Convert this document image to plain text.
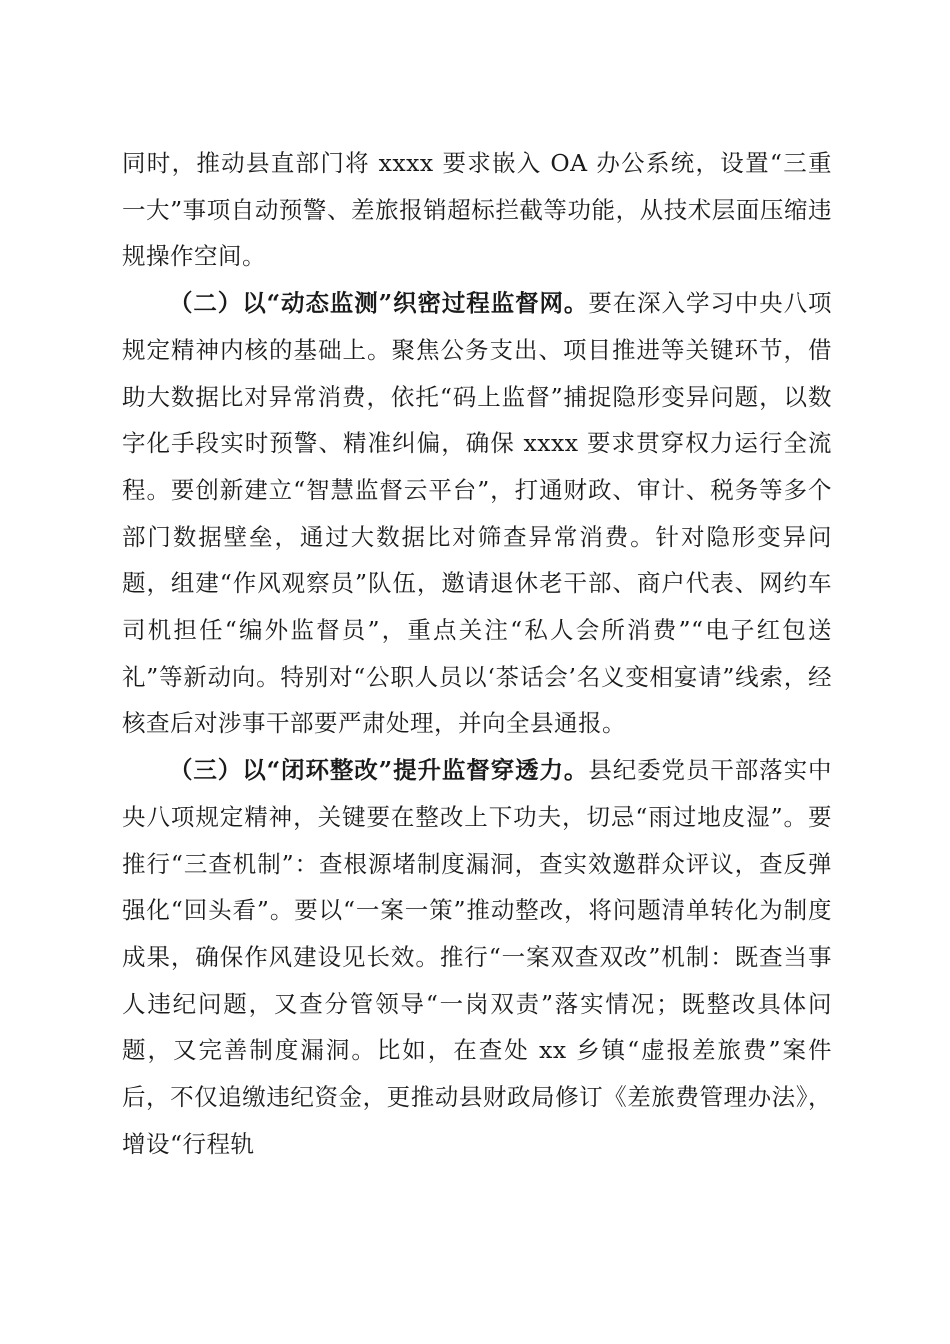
同时，推动县直部门将 xxxx 要求嵌入 OA 办公系统，设置“三重一大”事项自动预警、差旅报销超标拦截等功能，从技术层面压缩违规操作空间。

（二）以“动态监测”织密过程监督网。要在深入学习中央八项规定精神内核的基础上。聚焦公务支出、项目推进等关键环节，借助大数据比对异常消费，依托“码上监督”捕捉隐形变异问题，以数字化手段实时预警、精准纠偏，确保 xxxx 要求贯穿权力运行全流程。要创新建立“智慧监督云平台”，打通财政、审计、税务等多个部门数据壁垒，通过大数据比对筛查异常消费。针对隐形变异问题，组建“作风观察员”队伍，邀请退休老干部、商户代表、网约车司机担任“编外监督员”，重点关注“私人会所消费”“电子红包送礼”等新动向。特别对“公职人员以‘茶话会’名义变相宴请”线索，经核查后对涉事干部要严肃处理，并向全县通报。

（三）以“闭环整改”提升监督穿透力。县纪委党员干部落实中央八项规定精神，关键要在整改上下功夫，切忌“雨过地皮湿”。要推行“三查机制”：查根源堵制度漏洞，查实效邀群众评议，查反弹强化“回头看”。要以“一案一策”推动整改，将问题清单转化为制度成果，确保作风建设见长效。推行“一案双查双改”机制：既查当事人违纪问题，又查分管领导“一岗双责”落实情况；既整改具体问题，又完善制度漏洞。比如，在查处 xx 乡镇“虚报差旅费”案件后，不仅追缴违纪资金，更推动县财政局修订《差旅费管理办法》，增设“行程轨
